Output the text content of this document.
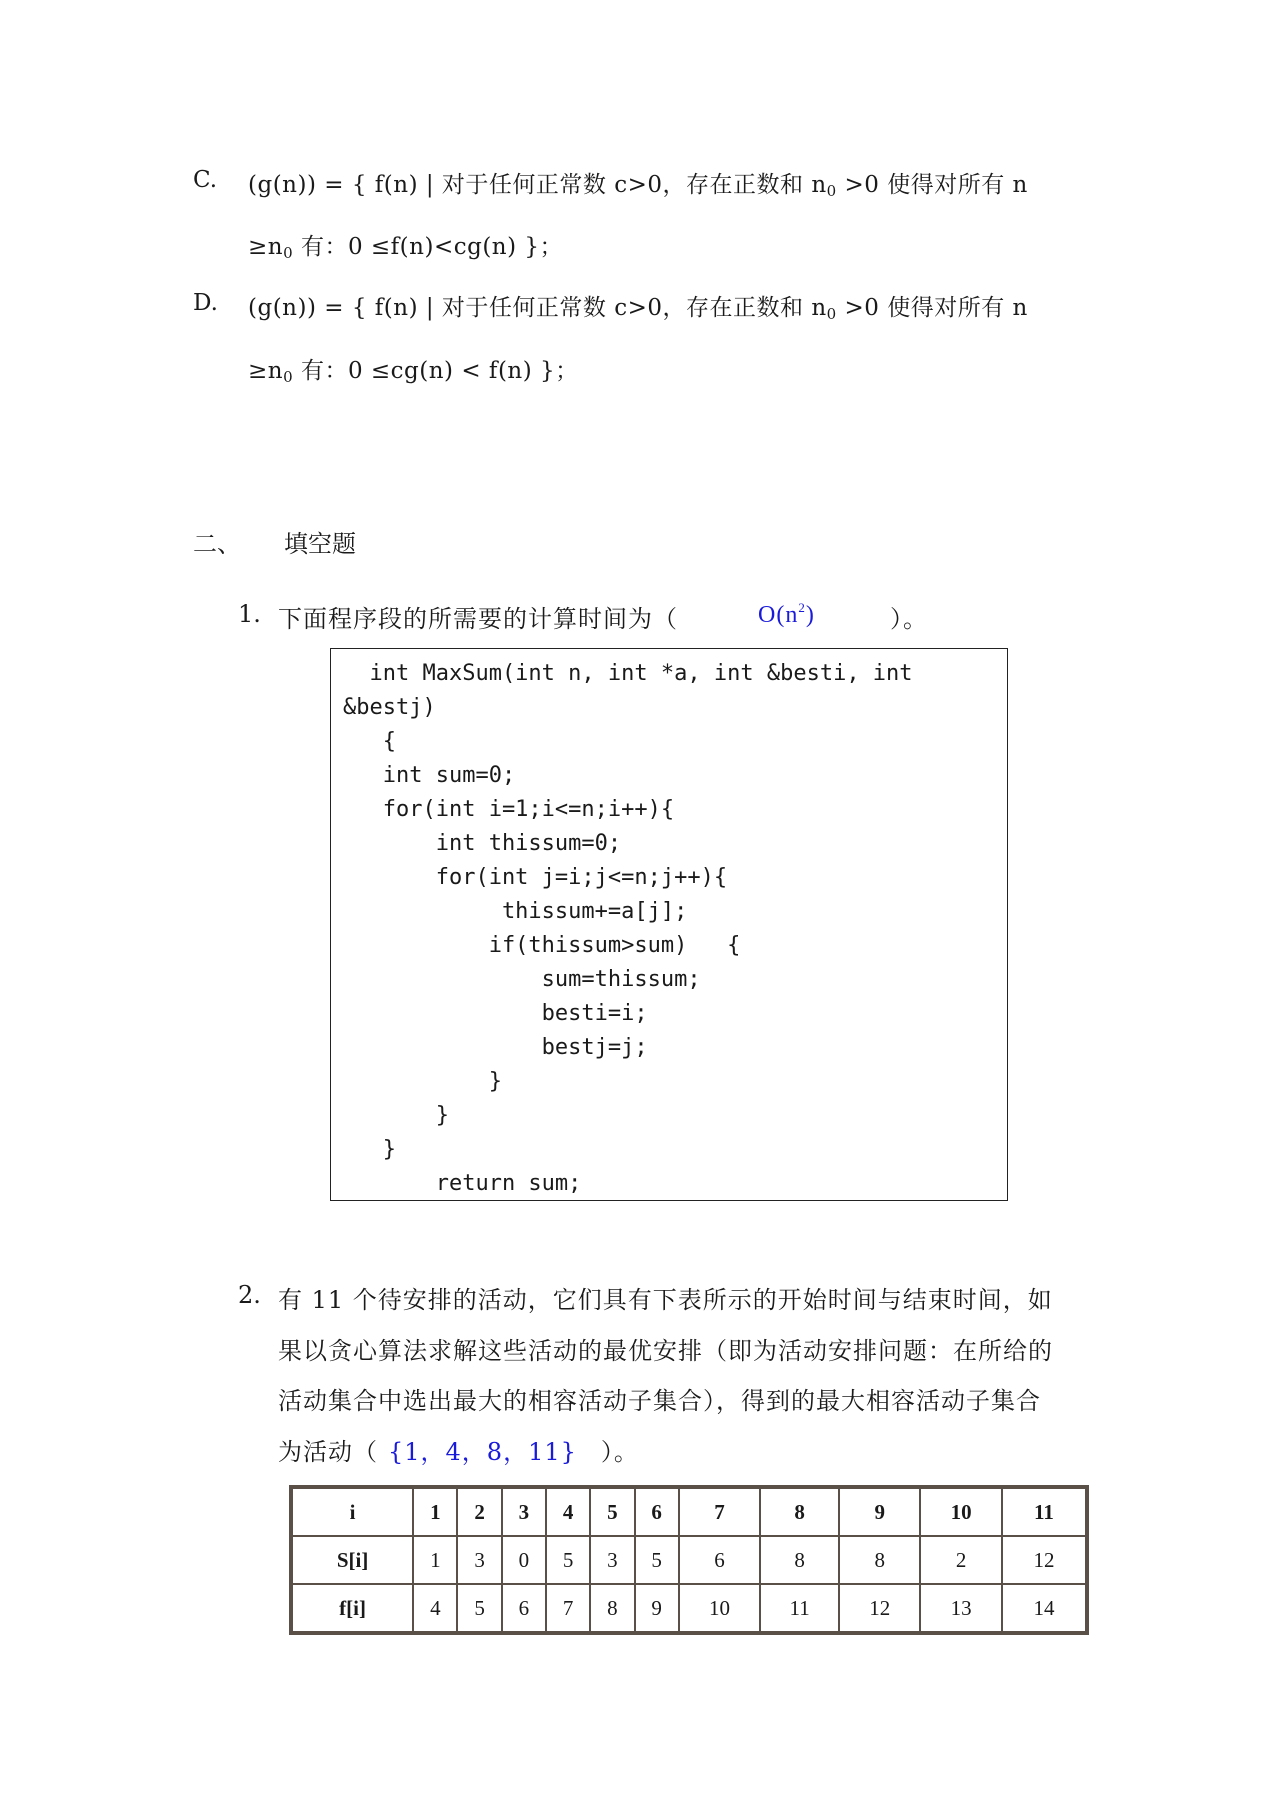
C. (g(n)) = { f(n) | 对于任何正常数 c>0，存在正数和 $n_0 >0$ 使得对所有 n
$\ge n_0$ 有：0 ≤f(n)<cg(n) }；
D. (g(n)) = { f(n) | 对于任何正常数 c>0，存在正数和 $n_0 >0$ 使得对所有 n
$\ge n_0$ 有：0 ≤cg(n) < f(n) }；
二、 填空题
1. 下面程序段的所需要的计算时间为（	$O(n^2)$	）。
int MaxSum(int n, int *a, int &besti, int
&bestj)
{
int sum=0;
for(int i=1;i<=n;i++){
int thissum=0;
for(int j=i;j<=n;j++){
thissum+=a[j];
if(thissum>sum)   {
sum=thissum;
besti=i;
bestj=j;
}
}
}
return sum;
2. 有 11 个待安排的活动，它们具有下表所示的开始时间与结束时间，如
果以贪心算法求解这些活动的最优安排（即为活动安排问题：在所给的
活动集合中选出最大的相容活动子集合），得到的最大相容活动子集合
为活动（ {1，4，8，11} ）。
i	1	2	3	4	5	6	7	8	9	10	11
S[i]	1	3	0	5	3	5	6	8	8	2	12
f[i]	4	5	6	7	8	9	10	11	12	13	14
